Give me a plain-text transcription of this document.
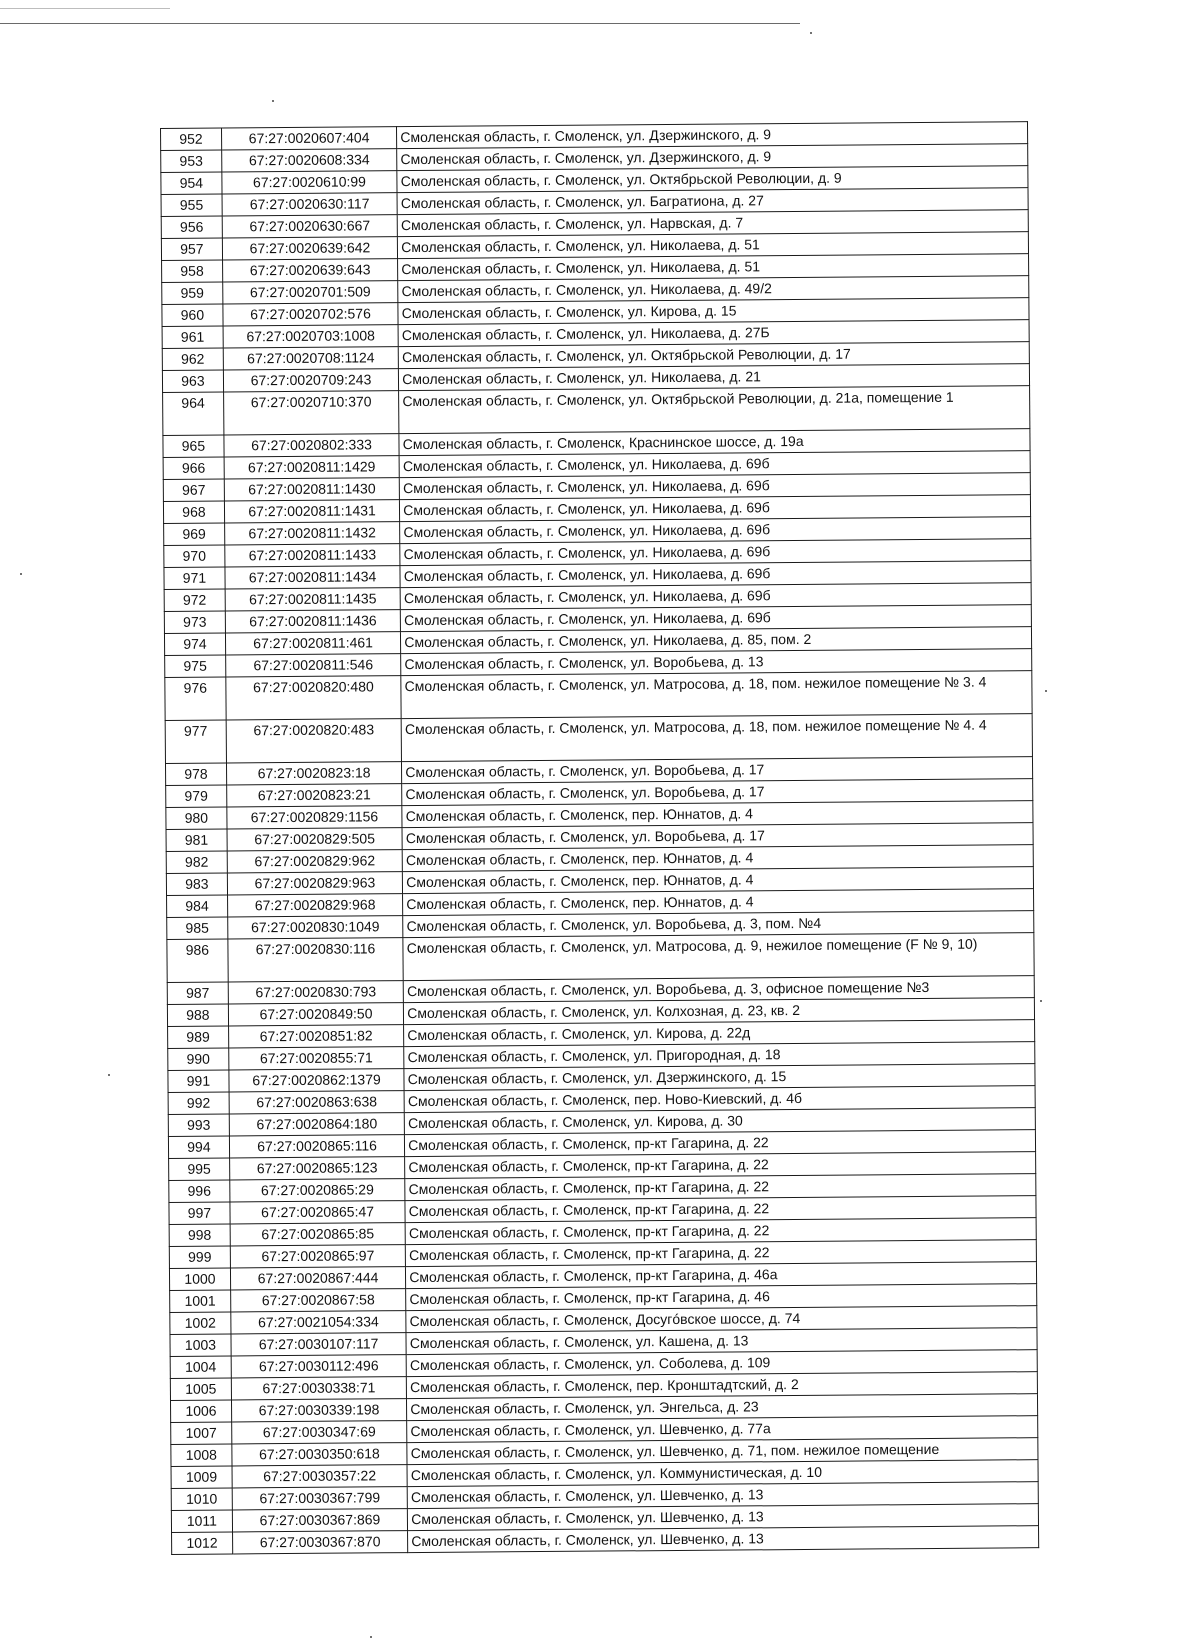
952	67:27:0020607:404	Смоленская область, г. Смоленск, ул. Дзержинского, д. 9
953	67:27:0020608:334	Смоленская область, г. Смоленск, ул. Дзержинского, д. 9
954	67:27:0020610:99	Смоленская область, г. Смоленск, ул. Октябрьской Революции, д. 9
955	67:27:0020630:117	Смоленская область, г. Смоленск, ул. Багратиона, д. 27
956	67:27:0020630:667	Смоленская область, г. Смоленск, ул. Нарвская, д. 7
957	67:27:0020639:642	Смоленская область, г. Смоленск, ул. Николаева, д. 51
958	67:27:0020639:643	Смоленская область, г. Смоленск, ул. Николаева, д. 51
959	67:27:0020701:509	Смоленская область, г. Смоленск, ул. Николаева, д. 49/2
960	67:27:0020702:576	Смоленская область, г. Смоленск, ул. Кирова, д. 15
961	67:27:0020703:1008	Смоленская область, г. Смоленск, ул. Николаева, д. 27Б
962	67:27:0020708:1124	Смоленская область, г. Смоленск, ул. Октябрьской Революции, д. 17
963	67:27:0020709:243	Смоленская область, г. Смоленск, ул. Николаева, д. 21
964	67:27:0020710:370	Смоленская область, г. Смоленск, ул. Октябрьской Революции, д. 21а, помещение 1
965	67:27:0020802:333	Смоленская область, г. Смоленск, Краснинское шоссе, д. 19а
966	67:27:0020811:1429	Смоленская область, г. Смоленск, ул. Николаева, д. 69б
967	67:27:0020811:1430	Смоленская область, г. Смоленск, ул. Николаева, д. 69б
968	67:27:0020811:1431	Смоленская область, г. Смоленск, ул. Николаева, д. 69б
969	67:27:0020811:1432	Смоленская область, г. Смоленск, ул. Николаева, д. 69б
970	67:27:0020811:1433	Смоленская область, г. Смоленск, ул. Николаева, д. 69б
971	67:27:0020811:1434	Смоленская область, г. Смоленск, ул. Николаева, д. 69б
972	67:27:0020811:1435	Смоленская область, г. Смоленск, ул. Николаева, д. 69б
973	67:27:0020811:1436	Смоленская область, г. Смоленск, ул. Николаева, д. 69б
974	67:27:0020811:461	Смоленская область, г. Смоленск, ул. Николаева, д. 85, пом. 2
975	67:27:0020811:546	Смоленская область, г. Смоленск, ул. Воробьева, д. 13
976	67:27:0020820:480	Смоленская область, г. Смоленск, ул. Матросова, д. 18, пом. нежилое помещение № 3. 4
977	67:27:0020820:483	Смоленская область, г. Смоленск, ул. Матросова, д. 18, пом. нежилое помещение № 4. 4
978	67:27:0020823:18	Смоленская область, г. Смоленск, ул. Воробьева, д. 17
979	67:27:0020823:21	Смоленская область, г. Смоленск, ул. Воробьева, д. 17
980	67:27:0020829:1156	Смоленская область, г. Смоленск, пер. Юннатов, д. 4
981	67:27:0020829:505	Смоленская область, г. Смоленск, ул. Воробьева, д. 17
982	67:27:0020829:962	Смоленская область, г. Смоленск, пер. Юннатов, д. 4
983	67:27:0020829:963	Смоленская область, г. Смоленск, пер. Юннатов, д. 4
984	67:27:0020829:968	Смоленская область, г. Смоленск, пер. Юннатов, д. 4
985	67:27:0020830:1049	Смоленская область, г. Смоленск, ул. Воробьева, д. 3, пом. №4
986	67:27:0020830:116	Смоленская область, г. Смоленск, ул. Матросова, д. 9, нежилое помещение (F № 9, 10)
987	67:27:0020830:793	Смоленская область, г. Смоленск, ул. Воробьева, д. 3, офисное помещение №3
988	67:27:0020849:50	Смоленская область, г. Смоленск, ул. Колхозная, д. 23, кв. 2
989	67:27:0020851:82	Смоленская область, г. Смоленск, ул. Кирова, д. 22д
990	67:27:0020855:71	Смоленская область, г. Смоленск, ул. Пригородная, д. 18
991	67:27:0020862:1379	Смоленская область, г. Смоленск, ул. Дзержинского, д. 15
992	67:27:0020863:638	Смоленская область, г. Смоленск, пер. Ново-Киевский, д. 4б
993	67:27:0020864:180	Смоленская область, г. Смоленск, ул. Кирова, д. 30
994	67:27:0020865:116	Смоленская область, г. Смоленск, пр-кт Гагарина, д. 22
995	67:27:0020865:123	Смоленская область, г. Смоленск, пр-кт Гагарина, д. 22
996	67:27:0020865:29	Смоленская область, г. Смоленск, пр-кт Гагарина, д. 22
997	67:27:0020865:47	Смоленская область, г. Смоленск, пр-кт Гагарина, д. 22
998	67:27:0020865:85	Смоленская область, г. Смоленск, пр-кт Гагарина, д. 22
999	67:27:0020865:97	Смоленская область, г. Смоленск, пр-кт Гагарина, д. 22
1000	67:27:0020867:444	Смоленская область, г. Смоленск, пр-кт Гагарина, д. 46а
1001	67:27:0020867:58	Смоленская область, г. Смоленск, пр-кт Гагарина, д. 46
1002	67:27:0021054:334	Смоленская область, г. Смоленск, Досугóвское шоссе, д. 74
1003	67:27:0030107:117	Смоленская область, г. Смоленск, ул. Кашена, д. 13
1004	67:27:0030112:496	Смоленская область, г. Смоленск, ул. Соболева, д. 109
1005	67:27:0030338:71	Смоленская область, г. Смоленск, пер. Кронштадтский, д. 2
1006	67:27:0030339:198	Смоленская область, г. Смоленск, ул. Энгельса, д. 23
1007	67:27:0030347:69	Смоленская область, г. Смоленск, ул. Шевченко, д. 77а
1008	67:27:0030350:618	Смоленская область, г. Смоленск, ул. Шевченко, д. 71, пом. нежилое помещение
1009	67:27:0030357:22	Смоленская область, г. Смоленск, ул. Коммунистическая, д. 10
1010	67:27:0030367:799	Смоленская область, г. Смоленск, ул. Шевченко, д. 13
1011	67:27:0030367:869	Смоленская область, г. Смоленск, ул. Шевченко, д. 13
1012	67:27:0030367:870	Смоленская область, г. Смоленск, ул. Шевченко, д. 13
